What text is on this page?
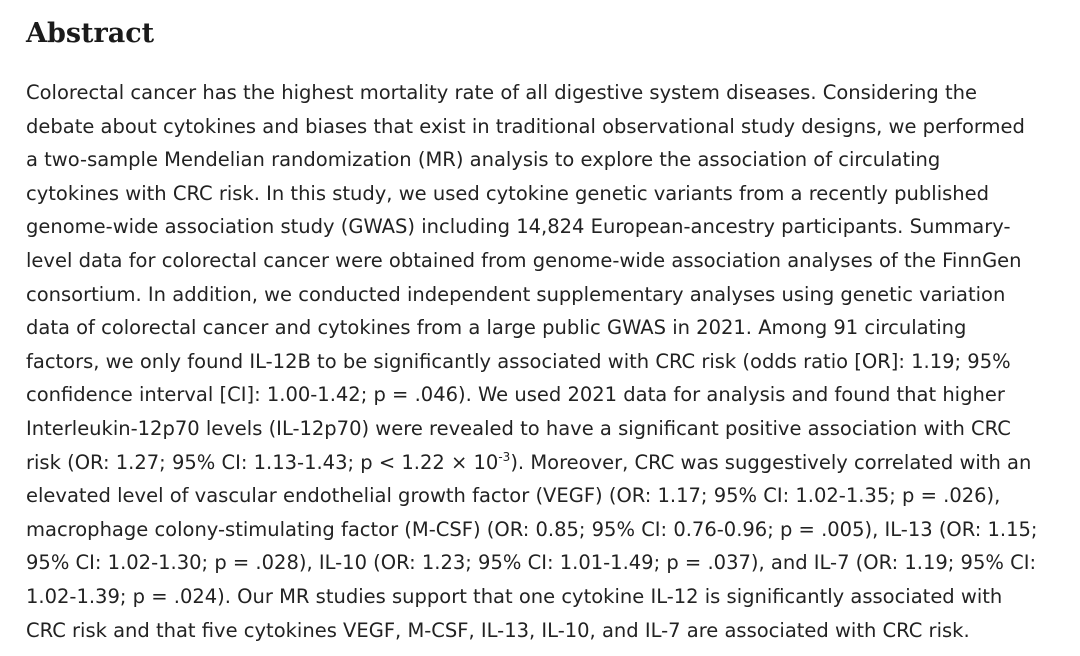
Abstract

Colorectal cancer has the highest mortality rate of all digestive system diseases. Considering the
debate about cytokines and biases that exist in traditional observational study designs, we performed
a two-sample Mendelian randomization (MR) analysis to explore the association of circulating
cytokines with CRC risk. In this study, we used cytokine genetic variants from a recently published
genome-wide association study (GWAS) including 14,824 European-ancestry participants. Summary-
level data for colorectal cancer were obtained from genome-wide association analyses of the FinnGen
consortium. In addition, we conducted independent supplementary analyses using genetic variation
data of colorectal cancer and cytokines from a large public GWAS in 2021. Among 91 circulating
factors, we only found IL-12B to be significantly associated with CRC risk (odds ratio [OR]: 1.19; 95%
confidence interval [CI]: 1.00-1.42; p = .046). We used 2021 data for analysis and found that higher
Interleukin-12p70 levels (IL-12p70) were revealed to have a significant positive association with CRC
risk (OR: 1.27; 95% CI: 1.13-1.43; $p < 1.22 \times 10^{-3}$). Moreover, CRC was suggestively correlated with an
elevated level of vascular endothelial growth factor (VEGF) (OR: 1.17; 95% CI: 1.02-1.35; p = .026),
macrophage colony-stimulating factor (M-CSF) (OR: 0.85; 95% CI: 0.76-0.96; p = .005), IL-13 (OR: 1.15;
95% CI: 1.02-1.30; p = .028), IL-10 (OR: 1.23; 95% CI: 1.01-1.49; p = .037), and IL-7 (OR: 1.19; 95% CI:
1.02-1.39; p = .024). Our MR studies support that one cytokine IL-12 is significantly associated with
CRC risk and that five cytokines VEGF, M-CSF, IL-13, IL-10, and IL-7 are associated with CRC risk.
